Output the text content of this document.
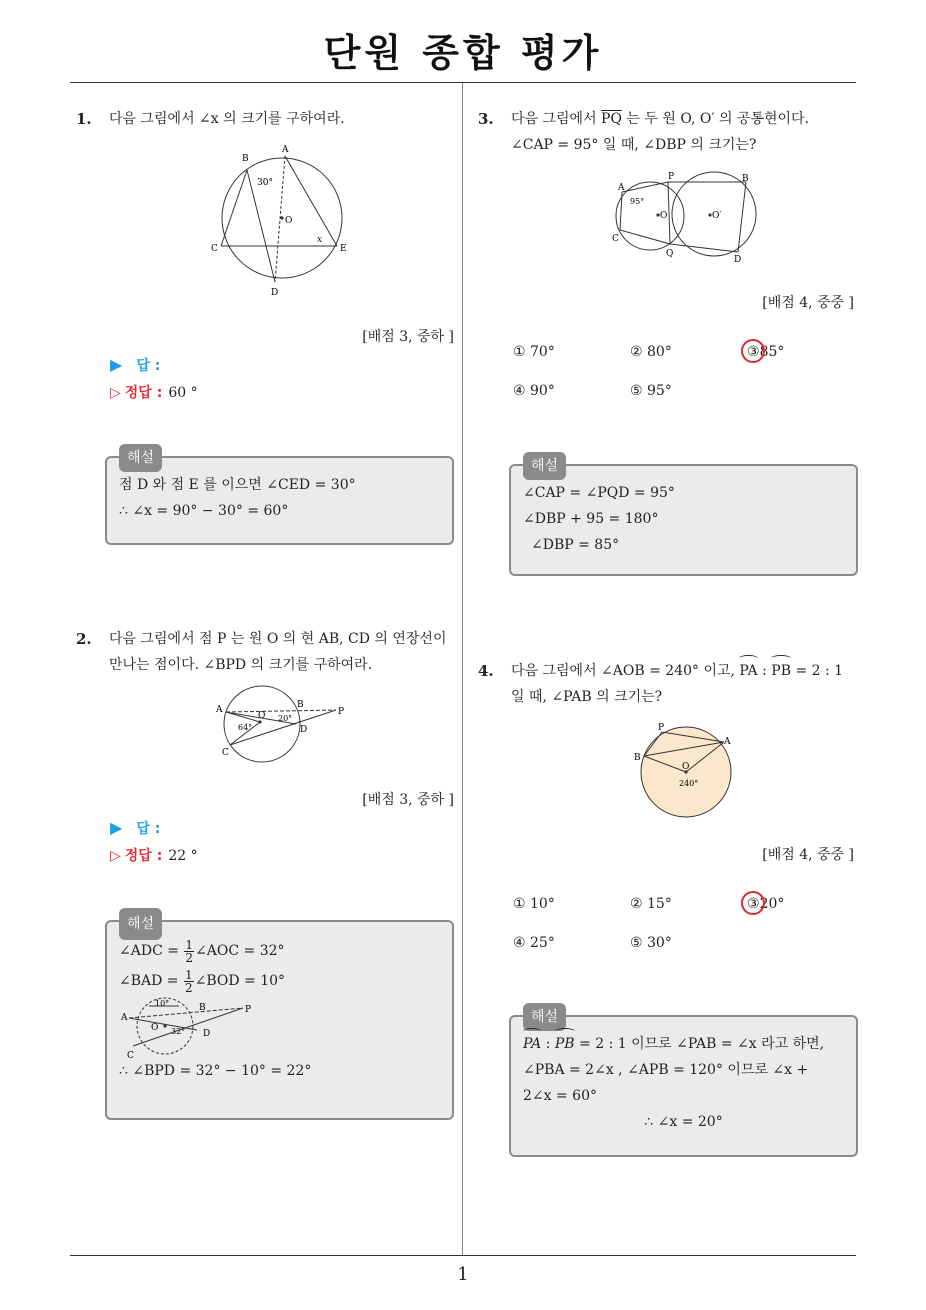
단원 종합 평가
1. 다음 그림에서 ∠x 의 크기를 구하여라.
B
A
C
D
E
O
x
30°
[배점 3, 중하 ]
▶ 답 :
▷ 정답 : 60 °
해설
점 D 와 점 E 를 이으면 ∠CED = 30°
∴ ∠x = 90° − 30° = 60°
2. 다음 그림에서 점 P 는 원 O 의 현 AB, CD 의 연장선이 만나는 점이다. ∠BPD 의 크기를 구하여라.
A	B
C
D
O	P
64°
20°
[배점 3, 중하 ]
▶ 답 :
▷ 정답 : 22 °
해설
∠ADC = $\frac{1}{2}$ ∠AOC = 32°
∠BAD = $\frac{1}{2}$ ∠BOD = 10°
A
B
C
D
O
P
10°
32°
∴ ∠BPD = 32° − 10° = 22°
3. 다음 그림에서 $\overline{PQ}$ 는 두 원 O, O′ 의 공통현이다.
∠CAP = 95° 일 때, ∠DBP 의 크기는?
A
B
C
D
P
Q
O	O′
95°
[배점 4, 중중 ]
① 70°	② 80°	③85°
④ 90°	⑤ 95°
해설
∠CAP = ∠PQD = 95°
∠DBP + 95 = 180°
∠DBP = 85°
4. 다음 그림에서 ∠AOB = 240° 이고, PA : PB = 2 : 1
일 때, ∠PAB 의 크기는?
P
A
B
O
240°
[배점 4, 중중 ]
① 10°	② 15°	③20°
④ 25°	⑤ 30°
해설
PA : PB = 2 : 1 이므로 ∠PAB = ∠x 라고 하면,
∠PBA = 2∠x , ∠APB = 120° 이므로 ∠x +
2∠x = 60°
∴ ∠x = 20°
1
